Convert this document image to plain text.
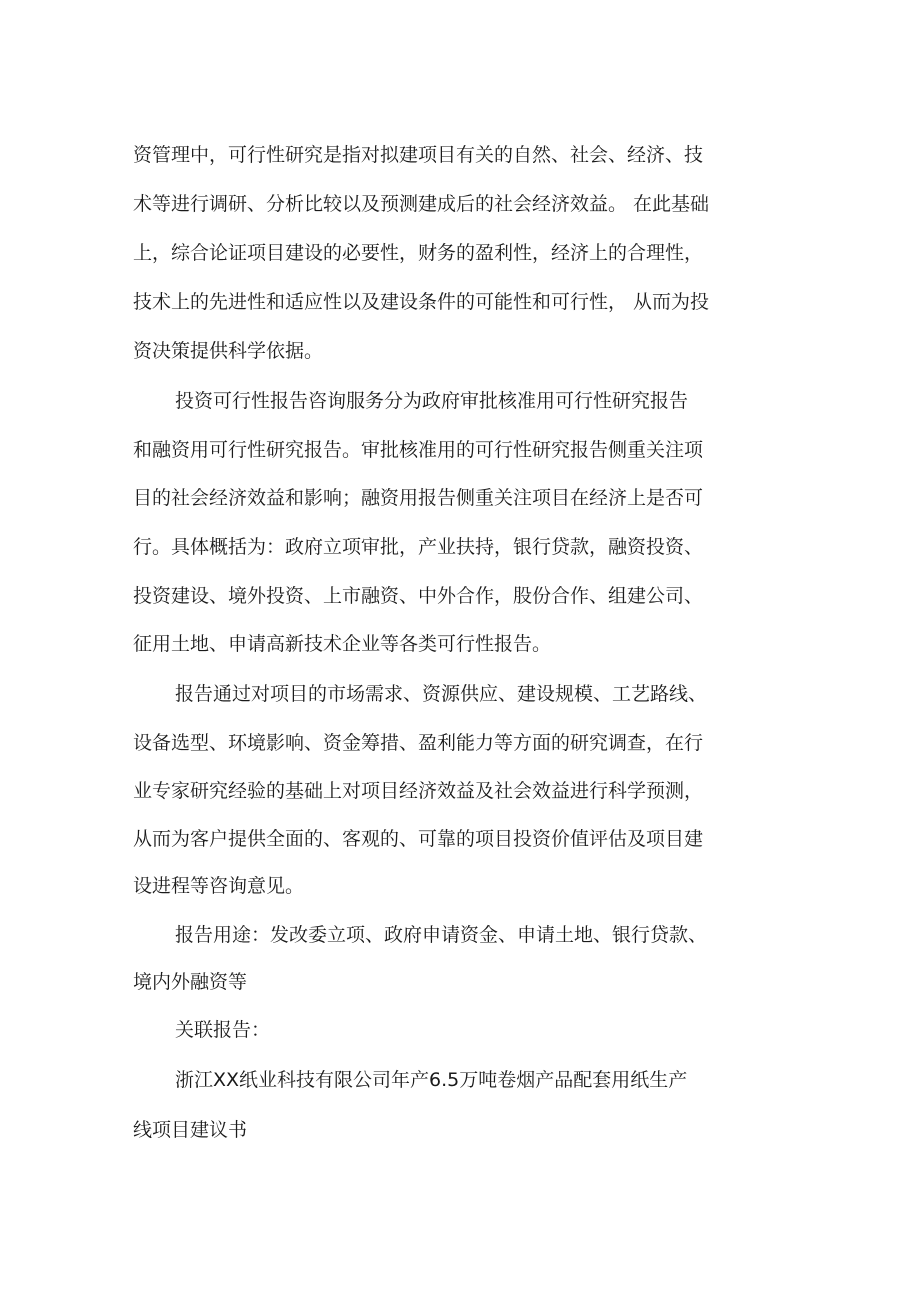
资管理中，可行性研究是指对拟建项目有关的自然、社会、经济、技

术等进行调研、分析比较以及预测建成后的社会经济效益。 在此基础

上，综合论证项目建设的必要性，财务的盈利性，经济上的合理性，

技术上的先进性和适应性以及建设条件的可能性和可行性， 从而为投

资决策提供科学依据。

投资可行性报告咨询服务分为政府审批核准用可行性研究报告

和融资用可行性研究报告。审批核准用的可行性研究报告侧重关注项

目的社会经济效益和影响；融资用报告侧重关注项目在经济上是否可

行。具体概括为：政府立项审批，产业扶持，银行贷款，融资投资、

投资建设、境外投资、上市融资、中外合作，股份合作、组建公司、

征用土地、申请高新技术企业等各类可行性报告。

报告通过对项目的市场需求、资源供应、建设规模、工艺路线、

设备选型、环境影响、资金筹措、盈利能力等方面的研究调查，在行

业专家研究经验的基础上对项目经济效益及社会效益进行科学预测，

从而为客户提供全面的、客观的、可靠的项目投资价值评估及项目建

设进程等咨询意见。

报告用途：发改委立项、政府申请资金、申请土地、银行贷款、

境内外融资等

关联报告：

浙江XX纸业科技有限公司年产6.5万吨卷烟产品配套用纸生产

线项目建议书
